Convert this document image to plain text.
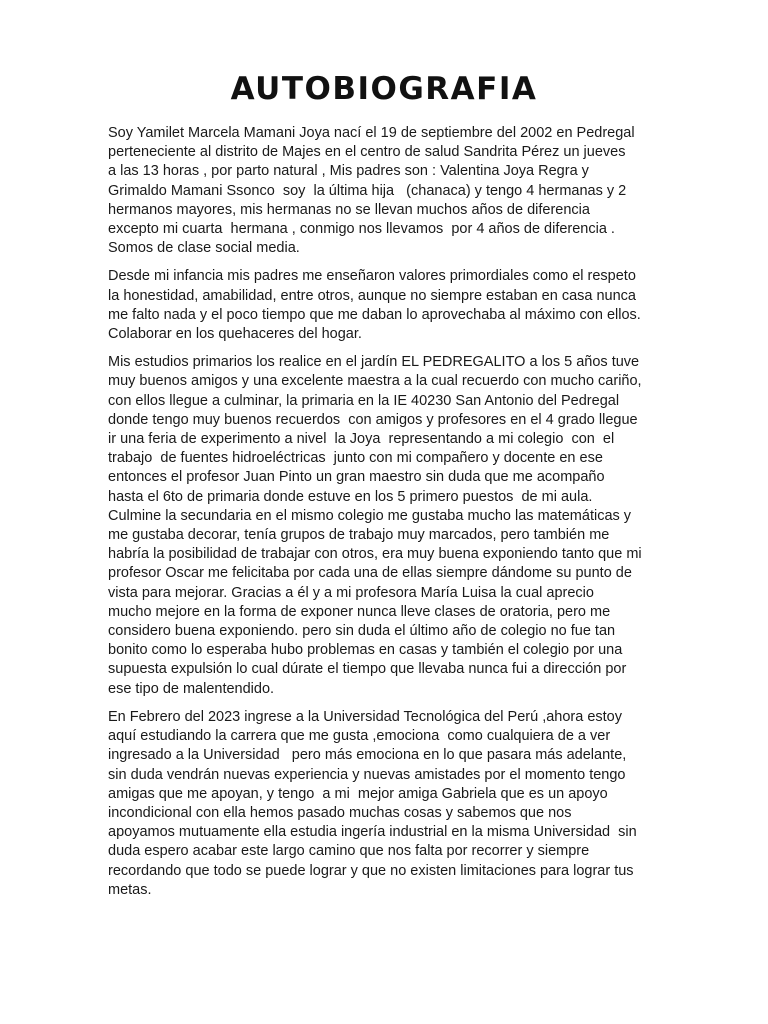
AUTOBIOGRAFIA

Soy Yamilet Marcela Mamani Joya nací el 19 de septiembre del 2002 en Pedregal
perteneciente al distrito de Majes en el centro de salud Sandrita Pérez un jueves
a las 13 horas , por parto natural , Mis padres son : Valentina Joya Regra y
Grimaldo Mamani Ssonco  soy  la última hija   (chanaca) y tengo 4 hermanas y 2
hermanos mayores, mis hermanas no se llevan muchos años de diferencia
excepto mi cuarta  hermana , conmigo nos llevamos  por 4 años de diferencia .
Somos de clase social media.

Desde mi infancia mis padres me enseñaron valores primordiales como el respeto
la honestidad, amabilidad, entre otros, aunque no siempre estaban en casa nunca
me falto nada y el poco tiempo que me daban lo aprovechaba al máximo con ellos.
Colaborar en los quehaceres del hogar.

Mis estudios primarios los realice en el jardín EL PEDREGALITO a los 5 años tuve
muy buenos amigos y una excelente maestra a la cual recuerdo con mucho cariño,
con ellos llegue a culminar, la primaria en la IE 40230 San Antonio del Pedregal
donde tengo muy buenos recuerdos  con amigos y profesores en el 4 grado llegue
ir una feria de experimento a nivel  la Joya  representando a mi colegio  con  el
trabajo  de fuentes hidroeléctricas  junto con mi compañero y docente en ese
entonces el profesor Juan Pinto un gran maestro sin duda que me acompaño
hasta el 6to de primaria donde estuve en los 5 primero puestos  de mi aula.
Culmine la secundaria en el mismo colegio me gustaba mucho las matemáticas y
me gustaba decorar, tenía grupos de trabajo muy marcados, pero también me
habría la posibilidad de trabajar con otros, era muy buena exponiendo tanto que mi
profesor Oscar me felicitaba por cada una de ellas siempre dándome su punto de
vista para mejorar. Gracias a él y a mi profesora María Luisa la cual aprecio
mucho mejore en la forma de exponer nunca lleve clases de oratoria, pero me
considero buena exponiendo. pero sin duda el último año de colegio no fue tan
bonito como lo esperaba hubo problemas en casas y también el colegio por una
supuesta expulsión lo cual dúrate el tiempo que llevaba nunca fui a dirección por
ese tipo de malentendido.

En Febrero del 2023 ingrese a la Universidad Tecnológica del Perú ,ahora estoy
aquí estudiando la carrera que me gusta ,emociona  como cualquiera de a ver
ingresado a la Universidad   pero más emociona en lo que pasara más adelante,
sin duda vendrán nuevas experiencia y nuevas amistades por el momento tengo
amigas que me apoyan, y tengo  a mi  mejor amiga Gabriela que es un apoyo
incondicional con ella hemos pasado muchas cosas y sabemos que nos
apoyamos mutuamente ella estudia ingería industrial en la misma Universidad  sin
duda espero acabar este largo camino que nos falta por recorrer y siempre
recordando que todo se puede lograr y que no existen limitaciones para lograr tus
metas.
